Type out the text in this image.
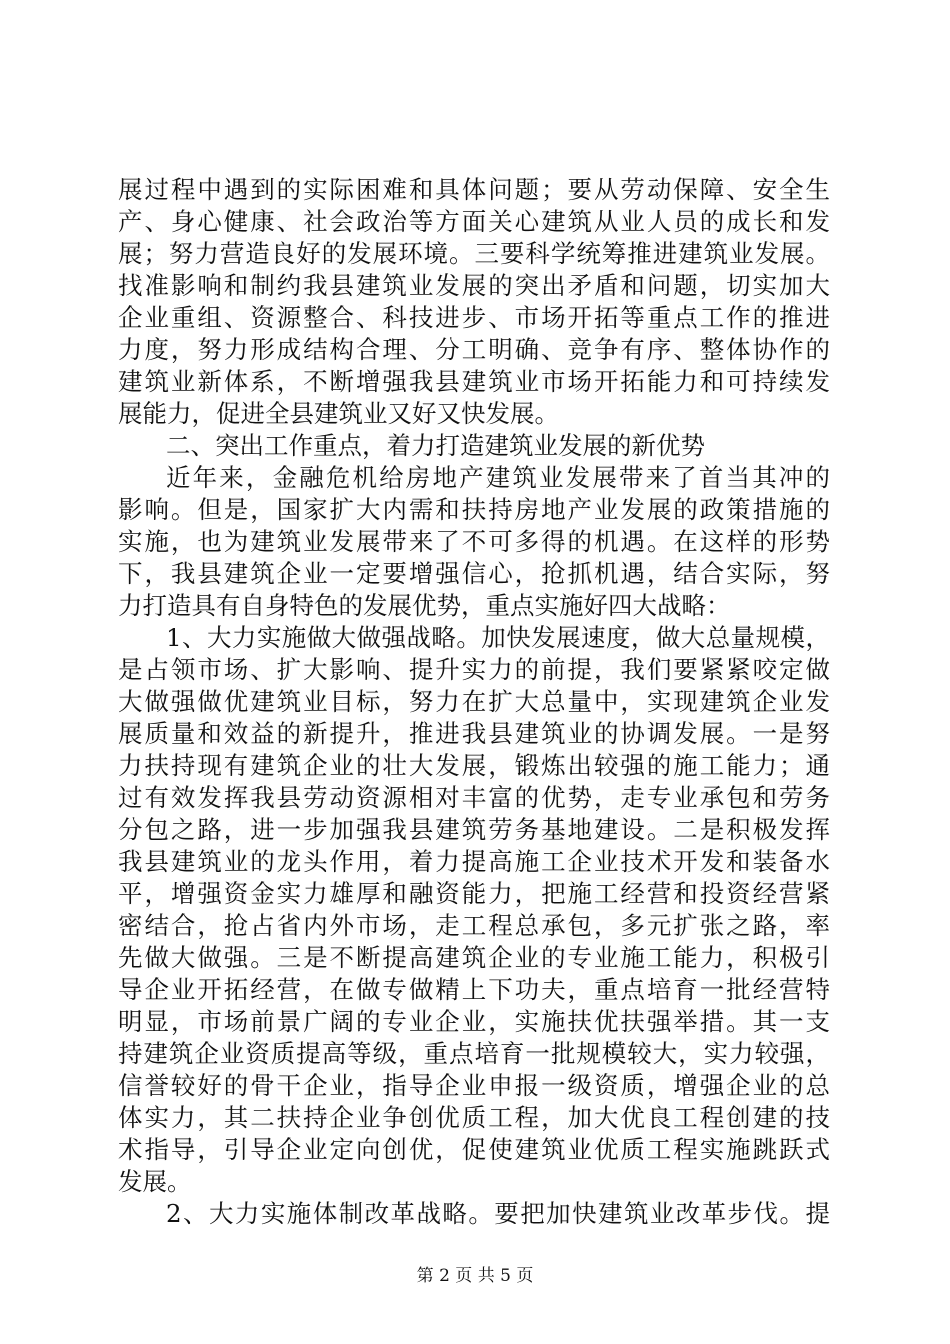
展过程中遇到的实际困难和具体问题；要从劳动保障、安全生
产、身心健康、社会政治等方面关心建筑从业人员的成长和发
展；努力营造良好的发展环境。三要科学统筹推进建筑业发展。
找准影响和制约我县建筑业发展的突出矛盾和问题，切实加大
企业重组、资源整合、科技进步、市场开拓等重点工作的推进
力度，努力形成结构合理、分工明确、竞争有序、整体协作的
建筑业新体系，不断增强我县建筑业市场开拓能力和可持续发
展能力，促进全县建筑业又好又快发展。
二、突出工作重点，着力打造建筑业发展的新优势
近年来，金融危机给房地产建筑业发展带来了首当其冲的
影响。但是，国家扩大内需和扶持房地产业发展的政策措施的
实施，也为建筑业发展带来了不可多得的机遇。在这样的形势
下，我县建筑企业一定要增强信心，抢抓机遇，结合实际，努
力打造具有自身特色的发展优势，重点实施好四大战略：
1、大力实施做大做强战略。加快发展速度，做大总量规模，
是占领市场、扩大影响、提升实力的前提，我们要紧紧咬定做
大做强做优建筑业目标，努力在扩大总量中，实现建筑企业发
展质量和效益的新提升，推进我县建筑业的协调发展。一是努
力扶持现有建筑企业的壮大发展，锻炼出较强的施工能力；通
过有效发挥我县劳动资源相对丰富的优势，走专业承包和劳务
分包之路，进一步加强我县建筑劳务基地建设。二是积极发挥
我县建筑业的龙头作用，着力提高施工企业技术开发和装备水
平，增强资金实力雄厚和融资能力，把施工经营和投资经营紧
密结合，抢占省内外市场，走工程总承包，多元扩张之路，率
先做大做强。三是不断提高建筑企业的专业施工能力，积极引
导企业开拓经营，在做专做精上下功夫，重点培育一批经营特
明显，市场前景广阔的专业企业，实施扶优扶强举措。其一支
持建筑企业资质提高等级，重点培育一批规模较大，实力较强，
信誉较好的骨干企业，指导企业申报一级资质，增强企业的总
体实力，其二扶持企业争创优质工程，加大优良工程创建的技
术指导，引导企业定向创优，促使建筑业优质工程实施跳跃式
发展。
2、大力实施体制改革战略。要把加快建筑业改革步伐。提
第 2 页 共 5 页
